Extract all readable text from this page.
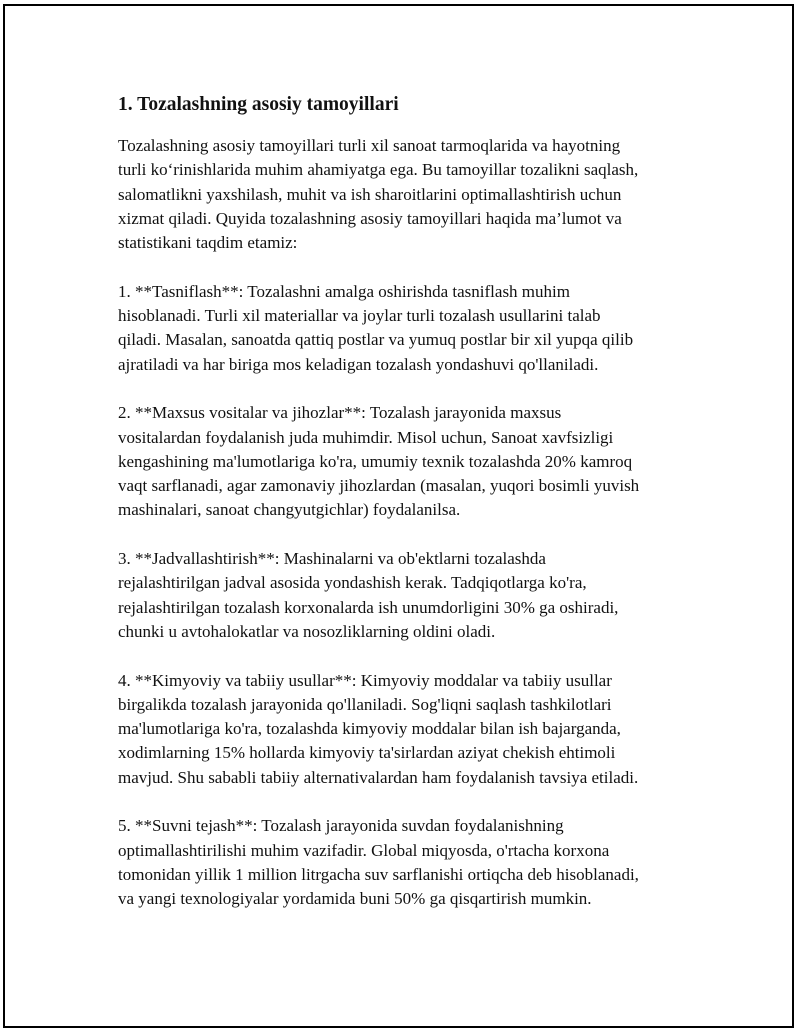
1. Tozalashning asosiy tamoyillari

Tozalashning asosiy tamoyillari turli xil sanoat tarmoqlarida va hayotning
turli ko‘rinishlarida muhim ahamiyatga ega. Bu tamoyillar tozalikni saqlash,
salomatlikni yaxshilash, muhit va ish sharoitlarini optimallashtirish uchun
xizmat qiladi. Quyida tozalashning asosiy tamoyillari haqida ma’lumot va
statistikani taqdim etamiz:

1. **Tasniflash**: Tozalashni amalga oshirishda tasniflash muhim
hisoblanadi. Turli xil materiallar va joylar turli tozalash usullarini talab
qiladi. Masalan, sanoatda qattiq postlar va yumuq postlar bir xil yupqa qilib
ajratiladi va har biriga mos keladigan tozalash yondashuvi qo'llaniladi.

2. **Maxsus vositalar va jihozlar**: Tozalash jarayonida maxsus
vositalardan foydalanish juda muhimdir. Misol uchun, Sanoat xavfsizligi
kengashining ma'lumotlariga ko'ra, umumiy texnik tozalashda 20% kamroq
vaqt sarflanadi, agar zamonaviy jihozlardan (masalan, yuqori bosimli yuvish
mashinalari, sanoat changyutgichlar) foydalanilsa.

3. **Jadvallashtirish**: Mashinalarni va ob'ektlarni tozalashda
rejalashtirilgan jadval asosida yondashish kerak. Tadqiqotlarga ko'ra,
rejalashtirilgan tozalash korxonalarda ish unumdorligini 30% ga oshiradi,
chunki u avtohalokatlar va nosozliklarning oldini oladi.

4. **Kimyoviy va tabiiy usullar**: Kimyoviy moddalar va tabiiy usullar
birgalikda tozalash jarayonida qo'llaniladi. Sog'liqni saqlash tashkilotlari
ma'lumotlariga ko'ra, tozalashda kimyoviy moddalar bilan ish bajarganda,
xodimlarning 15% hollarda kimyoviy ta'sirlardan aziyat chekish ehtimoli
mavjud. Shu sababli tabiiy alternativalardan ham foydalanish tavsiya etiladi.

5. **Suvni tejash**: Tozalash jarayonida suvdan foydalanishning
optimallashtirilishi muhim vazifadir. Global miqyosda, o'rtacha korxona
tomonidan yillik 1 million litrgacha suv sarflanishi ortiqcha deb hisoblanadi,
va yangi texnologiyalar yordamida buni 50% ga qisqartirish mumkin.
